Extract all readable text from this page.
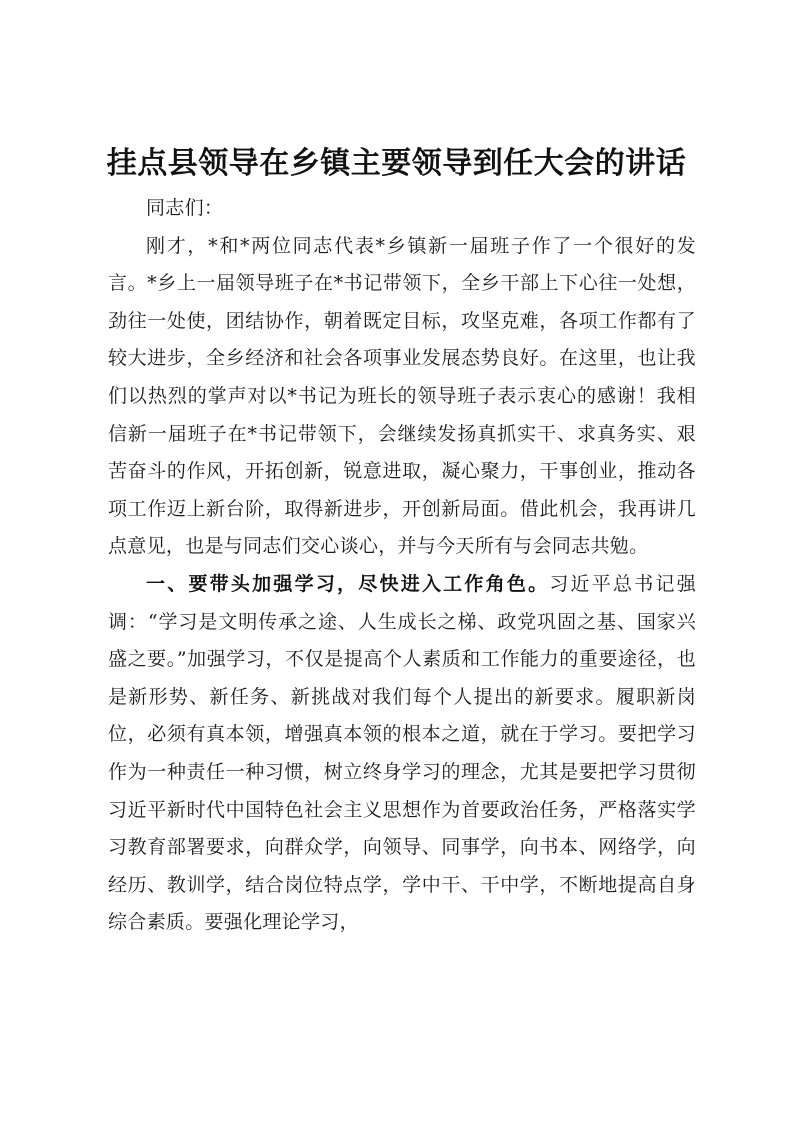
挂点县领导在乡镇主要领导到任大会的讲话

同志们：

刚才，*和*两位同志代表*乡镇新一届班子作了一个很好的发言。*乡上一届领导班子在*书记带领下，全乡干部上下心往一处想，劲往一处使，团结协作，朝着既定目标，攻坚克难，各项工作都有了较大进步，全乡经济和社会各项事业发展态势良好。在这里，也让我们以热烈的掌声对以*书记为班长的领导班子表示衷心的感谢！我相信新一届班子在*书记带领下，会继续发扬真抓实干、求真务实、艰苦奋斗的作风，开拓创新，锐意进取，凝心聚力，干事创业，推动各项工作迈上新台阶，取得新进步，开创新局面。借此机会，我再讲几点意见，也是与同志们交心谈心，并与今天所有与会同志共勉。

一、要带头加强学习，尽快进入工作角色。习近平总书记强调：“学习是文明传承之途、人生成长之梯、政党巩固之基、国家兴盛之要。”加强学习，不仅是提高个人素质和工作能力的重要途径，也是新形势、新任务、新挑战对我们每个人提出的新要求。履职新岗位，必须有真本领，增强真本领的根本之道，就在于学习。要把学习作为一种责任一种习惯，树立终身学习的理念，尤其是要把学习贯彻习近平新时代中国特色社会主义思想作为首要政治任务，严格落实学习教育部署要求，向群众学，向领导、同事学，向书本、网络学，向经历、教训学，结合岗位特点学，学中干、干中学，不断地提高自身综合素质。要强化理论学习，
